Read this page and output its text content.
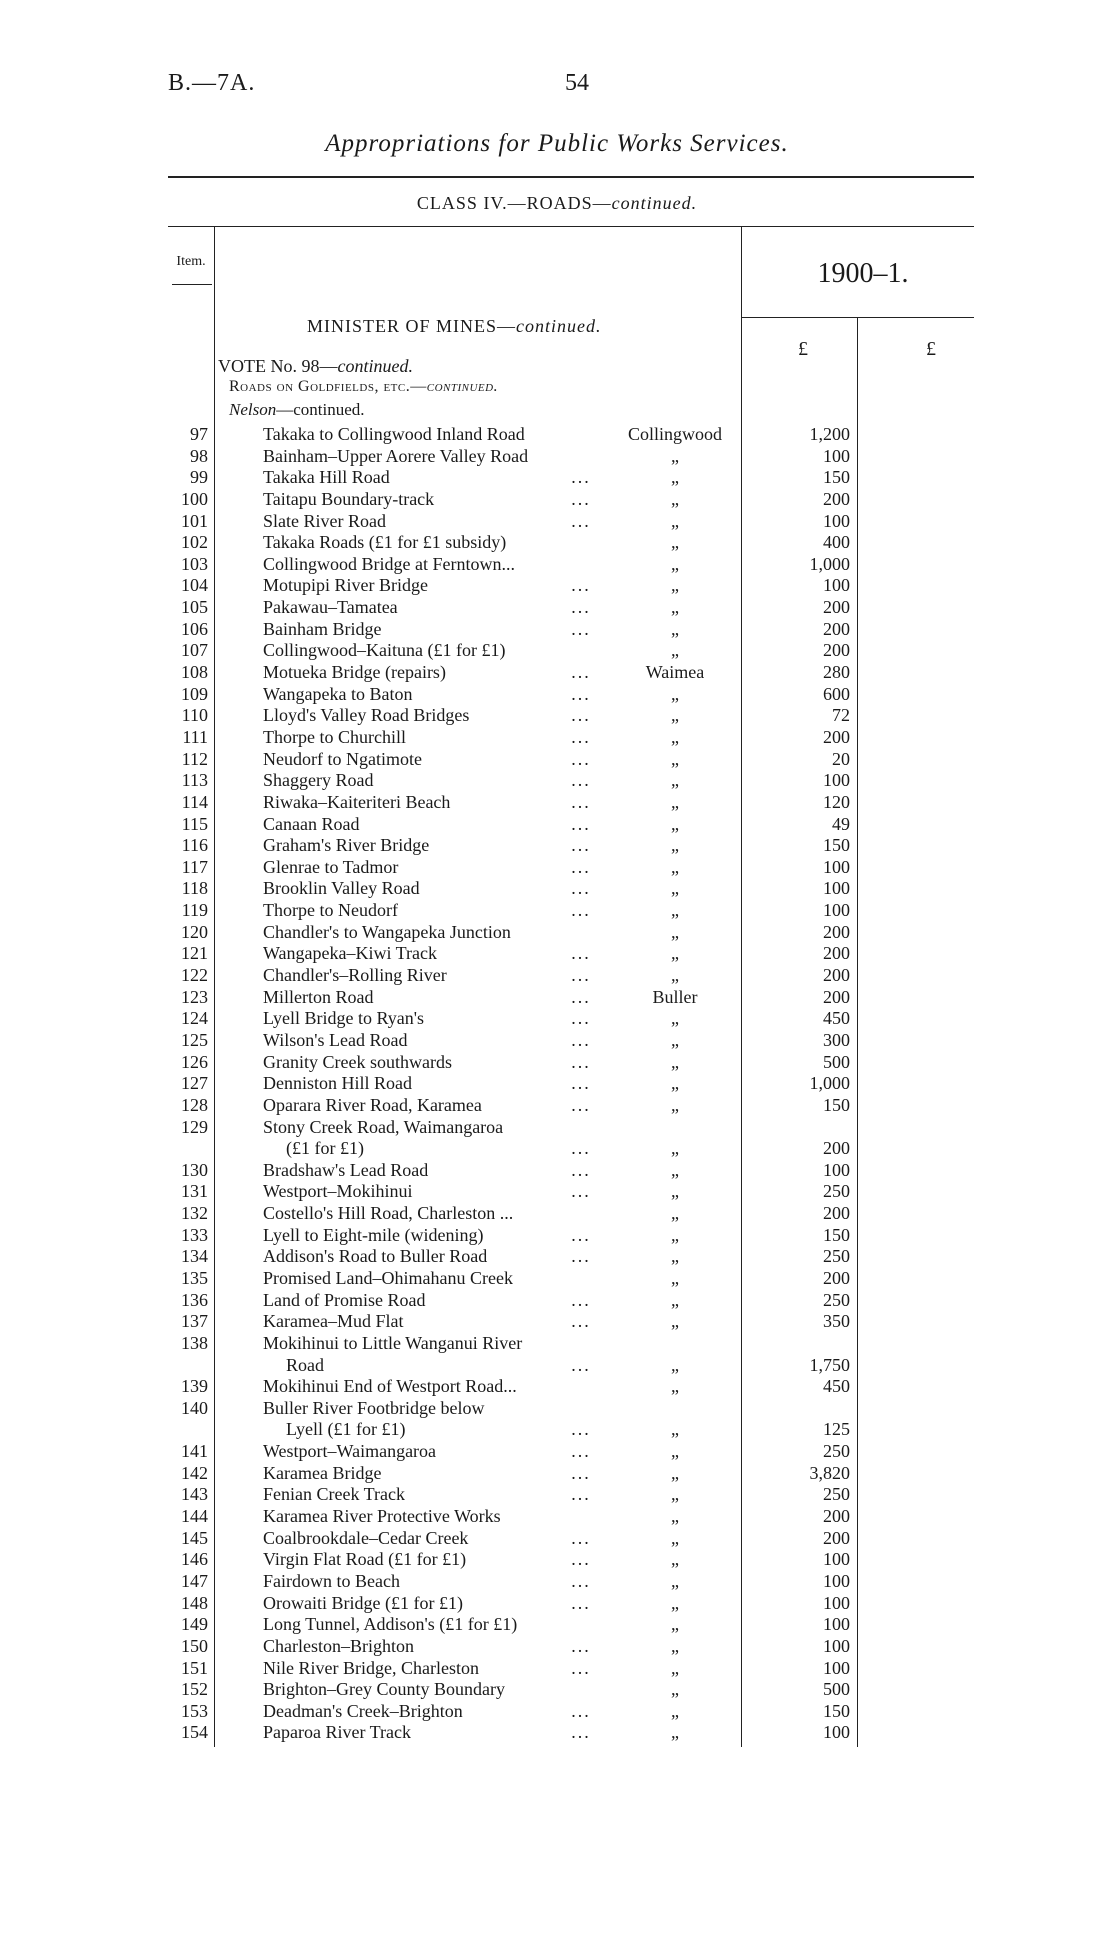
B.—7A.	54
Appropriations for Public Works Services.
CLASS IV.—ROADS—continued.
Item.	1900–1.
£	£
MINISTER OF MINES—continued.
VOTE No. 98—continued.
Roads on Goldfields, etc.—continued.
Nelson—continued.
97	Takaka to Collingwood Inland Road	Collingwood	1,200
98	Bainham–Upper Aorere Valley Road	„	100
99	Takaka Hill Road	...	„	150
100	Taitapu Boundary-track	...	„	200
101	Slate River Road	...	„	100
102	Takaka Roads (£1 for £1 subsidy)	„	400
103	Collingwood Bridge at Ferntown...	„	1,000
104	Motupipi River Bridge	...	„	100
105	Pakawau–Tamatea	...	„	200
106	Bainham Bridge	...	„	200
107	Collingwood–Kaituna (£1 for £1)	„	200
108	Motueka Bridge (repairs)	...	Waimea	280
109	Wangapeka to Baton	...	„	600
110	Lloyd's Valley Road Bridges	...	„	72
111	Thorpe to Churchill	...	„	200
112	Neudorf to Ngatimote	...	„	20
113	Shaggery Road	...	„	100
114	Riwaka–Kaiteriteri Beach	...	„	120
115	Canaan Road	...	„	49
116	Graham's River Bridge	...	„	150
117	Glenrae to Tadmor	...	„	100
118	Brooklin Valley Road	...	„	100
119	Thorpe to Neudorf	...	„	100
120	Chandler's to Wangapeka Junction	„	200
121	Wangapeka–Kiwi Track	...	„	200
122	Chandler's–Rolling River	...	„	200
123	Millerton Road	...	Buller	200
124	Lyell Bridge to Ryan's	...	„	450
125	Wilson's Lead Road	...	„	300
126	Granity Creek southwards	...	„	500
127	Denniston Hill Road	...	„	1,000
128	Oparara River Road, Karamea	...	„	150
129	Stony Creek Road, Waimangaroa
(£1 for £1)	...	„	200
130	Bradshaw's Lead Road	...	„	100
131	Westport–Mokihinui	...	„	250
132	Costello's Hill Road, Charleston ...	„	200
133	Lyell to Eight-mile (widening)	...	„	150
134	Addison's Road to Buller Road	...	„	250
135	Promised Land–Ohimahanu Creek	„	200
136	Land of Promise Road	...	„	250
137	Karamea–Mud Flat	...	„	350
138	Mokihinui to Little Wanganui River
Road	...	„	1,750
139	Mokihinui End of Westport Road...	„	450
140	Buller River Footbridge below
Lyell (£1 for £1)	...	„	125
141	Westport–Waimangaroa	...	„	250
142	Karamea Bridge	...	„	3,820
143	Fenian Creek Track	...	„	250
144	Karamea River Protective Works	„	200
145	Coalbrookdale–Cedar Creek	...	„	200
146	Virgin Flat Road (£1 for £1)	...	„	100
147	Fairdown to Beach	...	„	100
148	Orowaiti Bridge (£1 for £1)	...	„	100
149	Long Tunnel, Addison's (£1 for £1)	„	100
150	Charleston–Brighton	...	„	100
151	Nile River Bridge, Charleston	...	„	100
152	Brighton–Grey County Boundary	„	500
153	Deadman's Creek–Brighton	...	„	150
154	Paparoa River Track	...	„	100
